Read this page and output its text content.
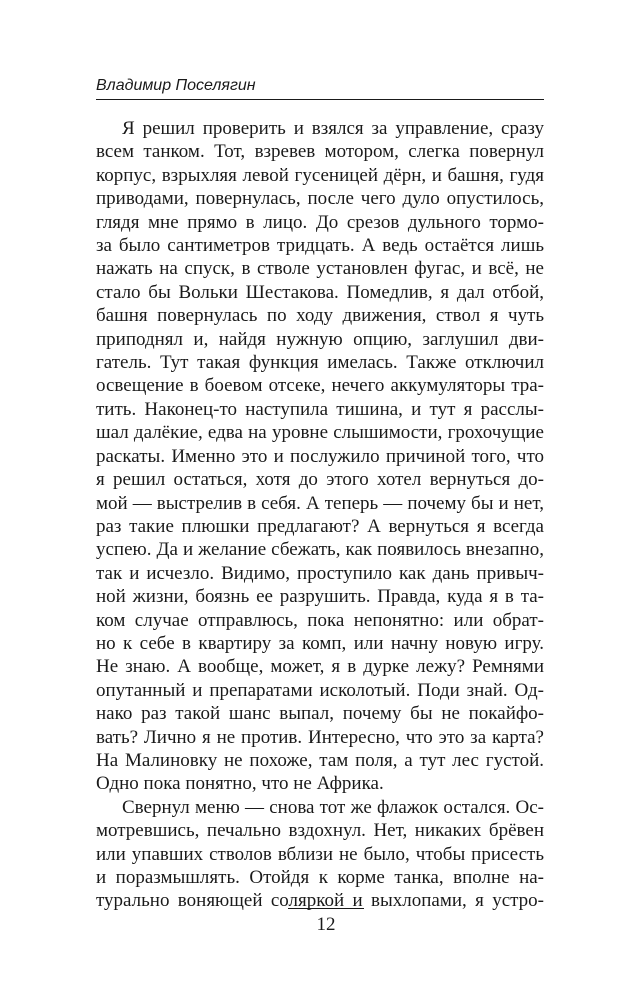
Владимир Поселягин
Я решил проверить и взялся за управление, сразу
всем танком. Тот, взревев мотором, слегка повернул
корпус, взрыхляя левой гусеницей дёрн, и башня, гудя
приводами, повернулась, после чего дуло опустилось,
глядя мне прямо в лицо. До срезов дульного тормо-
за было сантиметров тридцать. А ведь остаётся лишь
нажать на спуск, в стволе установлен фугас, и всё, не
стало бы Вольки Шестакова. Помедлив, я дал отбой,
башня повернулась по ходу движения, ствол я чуть
приподнял и, найдя нужную опцию, заглушил дви-
гатель. Тут такая функция имелась. Также отключил
освещение в боевом отсеке, нечего аккумуляторы тра-
тить. Наконец-то наступила тишина, и тут я расслы-
шал далёкие, едва на уровне слышимости, грохочущие
раскаты. Именно это и послужило причиной того, что
я решил остаться, хотя до этого хотел вернуться до-
мой — выстрелив в себя. А теперь — почему бы и нет,
раз такие плюшки предлагают? А вернуться я всегда
успею. Да и желание сбежать, как появилось внезапно,
так и исчезло. Видимо, проступило как дань привыч-
ной жизни, боязнь ее разрушить. Правда, куда я в та-
ком случае отправлюсь, пока непонятно: или обрат-
но к себе в квартиру за комп, или начну новую игру.
Не знаю. А вообще, может, я в дурке лежу? Ремнями
опутанный и препаратами исколотый. Поди знай. Од-
нако раз такой шанс выпал, почему бы не покайфо-
вать? Лично я не против. Интересно, что это за карта?
На Малиновку не похоже, там поля, а тут лес густой.
Одно пока понятно, что не Африка.
Свернул меню — снова тот же флажок остался. Ос-
мотревшись, печально вздохнул. Нет, никаких брёвен
или упавших стволов вблизи не было, чтобы присесть
и поразмышлять. Отойдя к корме танка, вполне на-
турально воняющей соляркой и выхлопами, я устро-
12
